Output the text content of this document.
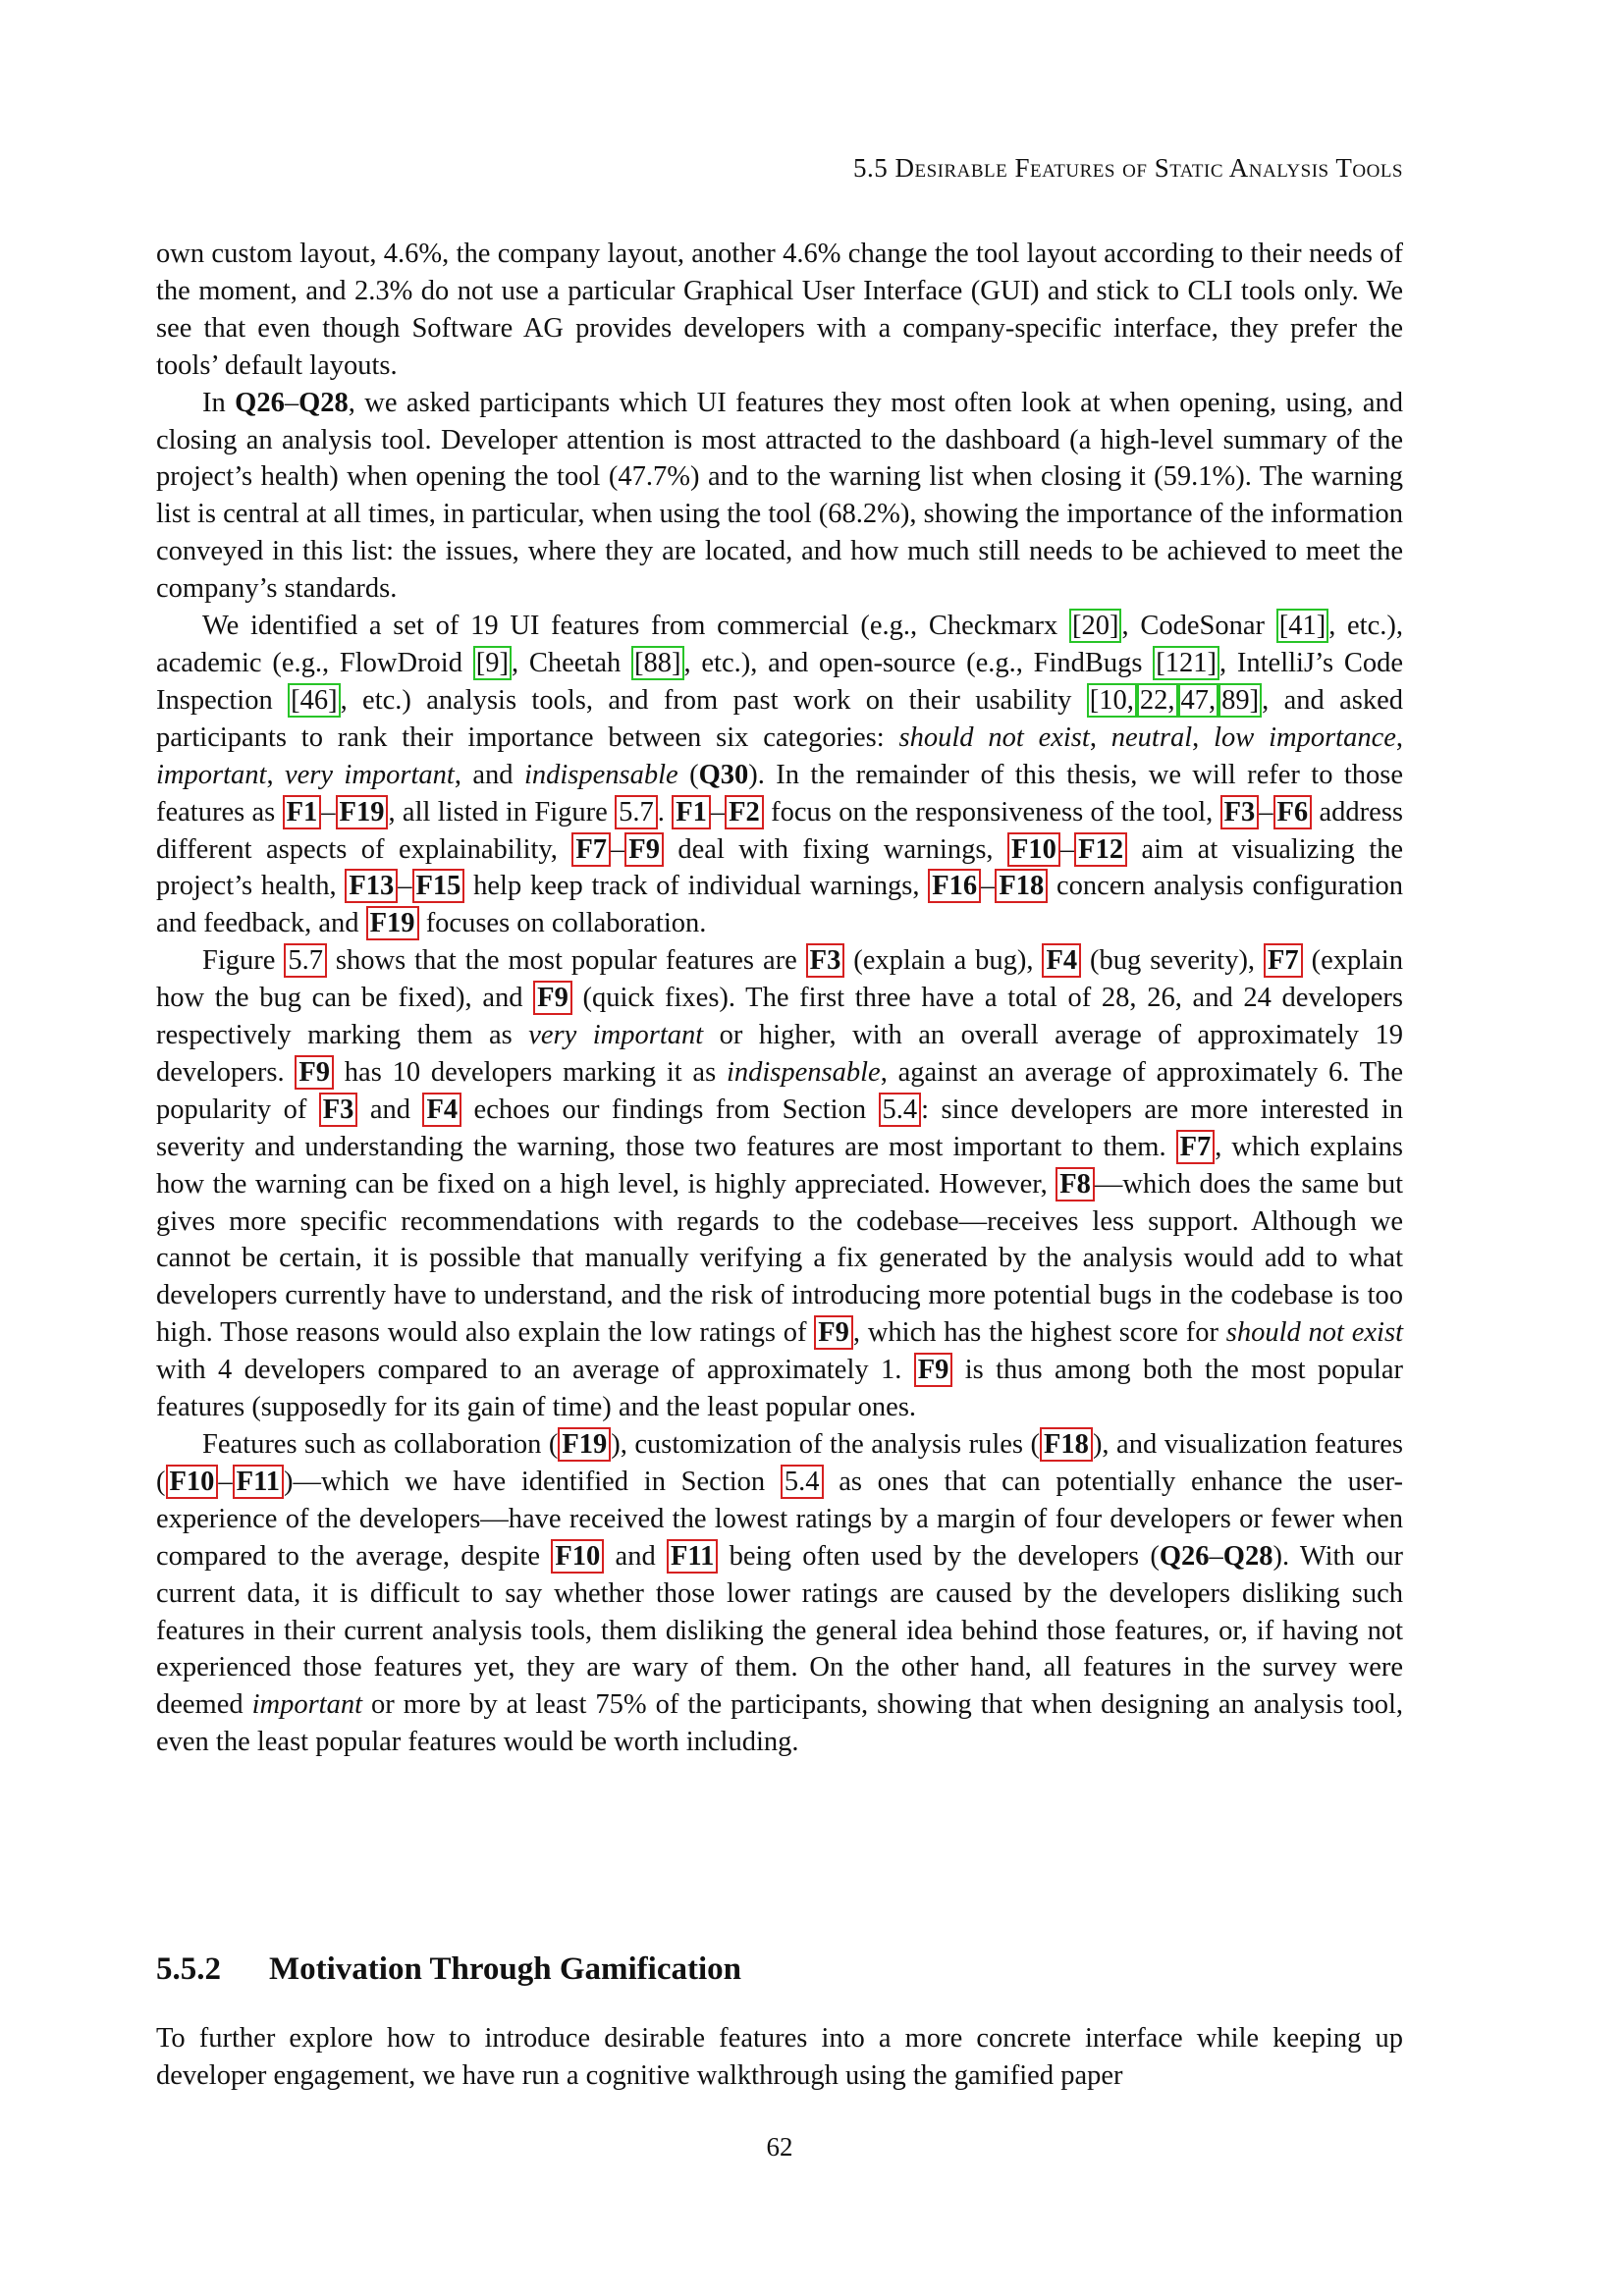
5.5 Desirable Features of Static Analysis Tools

own custom layout, 4.6%, the company layout, another 4.6% change the tool layout according to their needs of the moment, and 2.3% do not use a particular Graphical User Interface (GUI) and stick to CLI tools only. We see that even though Software AG provides developers with a company-specific interface, they prefer the tools’ default layouts.

In Q26–Q28, we asked participants which UI features they most often look at when opening, using, and closing an analysis tool. Developer attention is most attracted to the dashboard (a high-level summary of the project’s health) when opening the tool (47.7%) and to the warning list when closing it (59.1%). The warning list is central at all times, in particular, when using the tool (68.2%), showing the importance of the information conveyed in this list: the issues, where they are located, and how much still needs to be achieved to meet the company’s standards.

We identified a set of 19 UI features from commercial (e.g., Checkmarx [20] , CodeSonar [41] , etc.), academic (e.g., FlowDroid [9] , Cheetah [88] , etc.), and open-source (e.g., FindBugs [121] , IntelliJ’s Code Inspection [46] , etc.) analysis tools, and from past work on their usability [10, 22, 47, 89] , and asked participants to rank their importance between six categories: should not exist, neutral, low importance, important, very important, and indispensable (Q30). In the remainder of this thesis, we will refer to those features as F1 – F19 , all listed in Figure 5.7 . F1 – F2 focus on the responsiveness of the tool, F3 – F6 address different aspects of explainability, F7 – F9 deal with fixing warnings, F10 – F12 aim at visualizing the project’s health, F13 – F15 help keep track of individual warnings, F16 – F18 concern analysis configuration and feedback, and F19 focuses on collaboration.

Figure 5.7 shows that the most popular features are F3 (explain a bug), F4 (bug severity), F7 (explain how the bug can be fixed), and F9 (quick fixes). The first three have a total of 28, 26, and 24 developers respectively marking them as very important or higher, with an overall average of approximately 19 developers. F9 has 10 developers marking it as indispensable, against an average of approximately 6. The popularity of F3 and F4 echoes our findings from Section 5.4 : since developers are more interested in severity and understanding the warning, those two features are most important to them. F7 , which explains how the warning can be fixed on a high level, is highly appreciated. However, F8 —which does the same but gives more specific recommendations with regards to the codebase—receives less support. Although we cannot be certain, it is possible that manually verifying a fix generated by the analysis would add to what developers currently have to understand, and the risk of introducing more potential bugs in the codebase is too high. Those reasons would also explain the low ratings of F9 , which has the highest score for should not exist with 4 developers compared to an average of approximately 1. F9 is thus among both the most popular features (supposedly for its gain of time) and the least popular ones.

Features such as collaboration ( F19 ), customization of the analysis rules ( F18 ), and visualization features ( F10 – F11 )—which we have identified in Section 5.4 as ones that can potentially enhance the user-experience of the developers—have received the lowest ratings by a margin of four developers or fewer when compared to the average, despite F10 and F11 being often used by the developers (Q26–Q28). With our current data, it is difficult to say whether those lower ratings are caused by the developers disliking such features in their current analysis tools, them disliking the general idea behind those features, or, if having not experienced those features yet, they are wary of them. On the other hand, all features in the survey were deemed important or more by at least 75% of the participants, showing that when designing an analysis tool, even the least popular features would be worth including.

5.5.2 Motivation Through Gamification

To further explore how to introduce desirable features into a more concrete interface while keeping up developer engagement, we have run a cognitive walkthrough using the gamified paper

62
